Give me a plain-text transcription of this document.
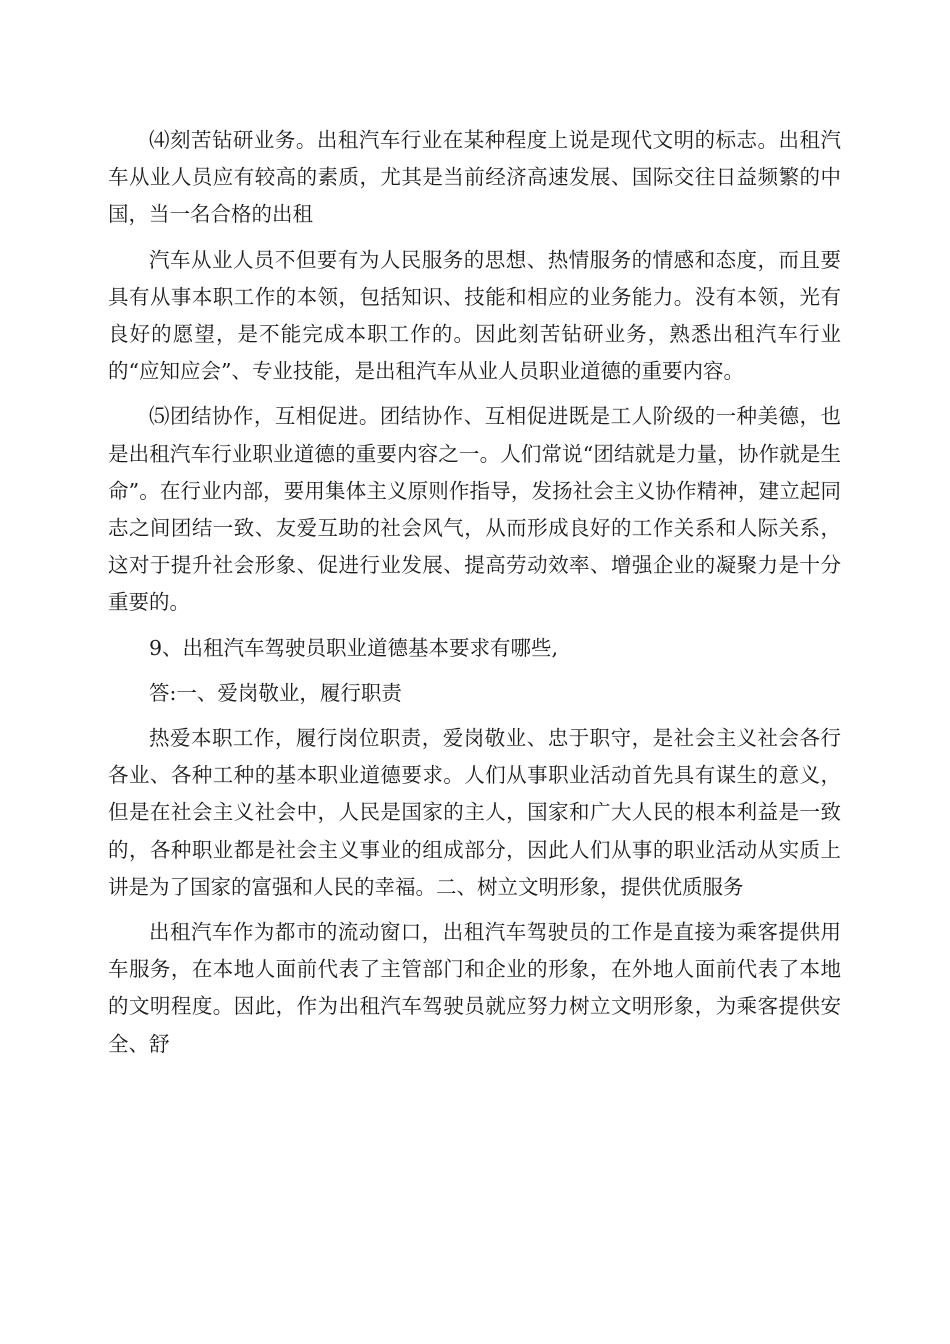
⑷刻苦钻研业务。出租汽车行业在某种程度上说是现代文明的标志。出租汽车从业人员应有较高的素质，尤其是当前经济高速发展、国际交往日益频繁的中国，当一名合格的出租

汽车从业人员不但要有为人民服务的思想、热情服务的情感和态度，而且要具有从事本职工作的本领，包括知识、技能和相应的业务能力。没有本领，光有良好的愿望，是不能完成本职工作的。因此刻苦钻研业务，熟悉出租汽车行业的“应知应会”、专业技能，是出租汽车从业人员职业道德的重要内容。

⑸团结协作，互相促进。团结协作、互相促进既是工人阶级的一种美德，也是出租汽车行业职业道德的重要内容之一。人们常说“团结就是力量，协作就是生命”。在行业内部，要用集体主义原则作指导，发扬社会主义协作精神，建立起同志之间团结一致、友爱互助的社会风气，从而形成良好的工作关系和人际关系，这对于提升社会形象、促进行业发展、提高劳动效率、增强企业的凝聚力是十分重要的。

9、出租汽车驾驶员职业道德基本要求有哪些,

答:一、爱岗敬业，履行职责

热爱本职工作，履行岗位职责，爱岗敬业、忠于职守，是社会主义社会各行各业、各种工种的基本职业道德要求。人们从事职业活动首先具有谋生的意义，但是在社会主义社会中，人民是国家的主人，国家和广大人民的根本利益是一致的，各种职业都是社会主义事业的组成部分，因此人们从事的职业活动从实质上讲是为了国家的富强和人民的幸福。二、树立文明形象，提供优质服务

出租汽车作为都市的流动窗口，出租汽车驾驶员的工作是直接为乘客提供用车服务，在本地人面前代表了主管部门和企业的形象，在外地人面前代表了本地的文明程度。因此，作为出租汽车驾驶员就应努力树立文明形象，为乘客提供安全、舒
